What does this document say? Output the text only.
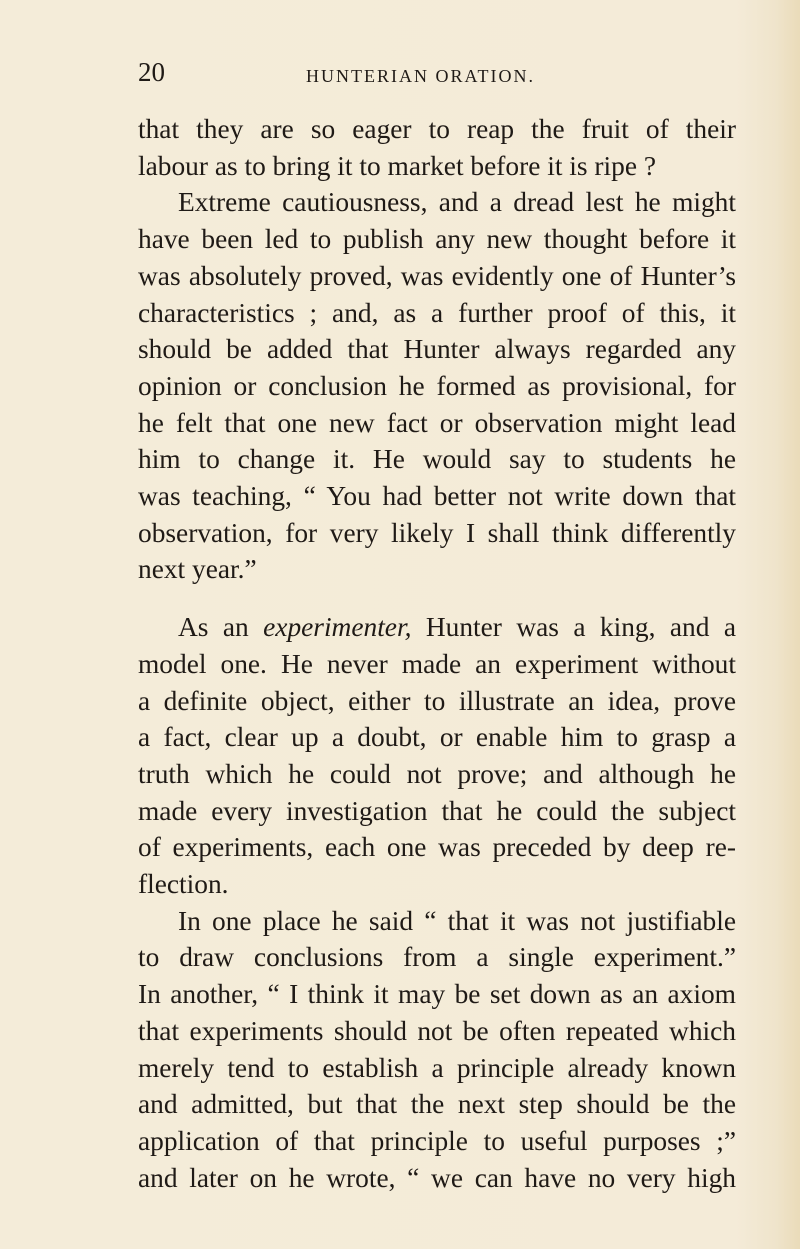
20	HUNTERIAN ORATION.
that they are so eager to reap the fruit of their
labour as to bring it to market before it is ripe ?
Extreme cautiousness, and a dread lest he might
have been led to publish any new thought before it
was absolutely proved, was evidently one of Hunter’s
characteristics ; and, as a further proof of this, it
should be added that Hunter always regarded any
opinion or conclusion he formed as provisional, for
he felt that one new fact or observation might lead
him to change it. He would say to students he
was teaching, “ You had better not write down that
observation, for very likely I shall think differently
next year.”
As an experimenter, Hunter was a king, and a
model one. He never made an experiment without
a definite object, either to illustrate an idea, prove
a fact, clear up a doubt, or enable him to grasp a
truth which he could not prove; and although he
made every investigation that he could the subject
of experiments, each one was preceded by deep re-
flection.
In one place he said “ that it was not justifiable
to draw conclusions from a single experiment.”
In another, “ I think it may be set down as an axiom
that experiments should not be often repeated which
merely tend to establish a principle already known
and admitted, but that the next step should be the
application of that principle to useful purposes ;”
and later on he wrote, “ we can have no very high
